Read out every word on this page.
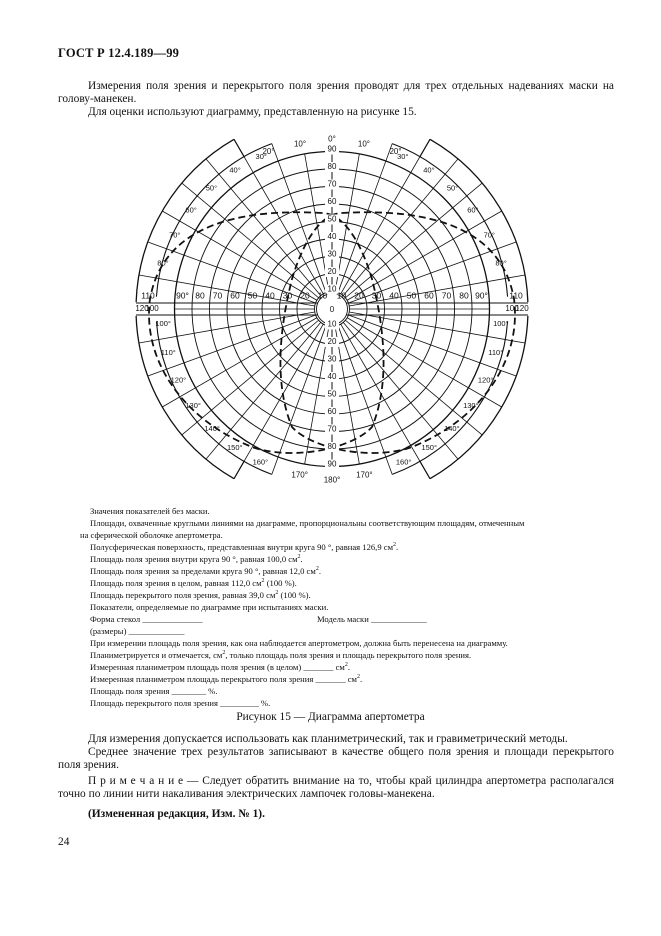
ГОСТ Р 12.4.189—99
Измерения поля зрения и перекрытого поля зрения проводят для трех отдельных надеваниях маски на голову-манекен.
Для оценки используют диаграмму, представленную на рисунке 15.
10
20
30
40
50
60
70
80
90
10
20
30
40
50
60
70
80
90
0
110	90° 80 70 60 50 40 30 20 10 10 20 30 40 50 60 70 80 90°	110
120
100	100
120
0°
10°	10°
20°	20°
30°	30°
40°	40°
50°	50°
60°	60°
70°	70°
80°	80°
100°	100°
110°	110°
120°	120°
130°	130°
140°	140°
150°	150°
160°	160°
170°
180°
170°
Значения показателей без маски.
Площади, охваченные круглыми линиями на диаграмме, пропорциональны соответствующим площадям, отмеченным
на сферической оболочке апертометра.
Полусферическая поверхность, представленная внутри круга 90 °, равная 126,9 $см^2$.
Площадь поля зрения внутри круга 90 °, равная 100,0 $см^2$.
Площадь поля зрения за пределами круга 90 °, равная 12,0 $см^2$.
Площадь поля зрения в целом, равная 112,0 $см^2$ (100 %).
Площадь перекрытого поля зрения, равная 39,0 $см^2$ (100 %).
Показатели, определяемые по диаграмме при испытаниях маски.
Форма стекол ______________	Модель маски _____________
(размеры) _____________
При измерении площадь поля зрения, как она наблюдается апертометром, должна быть перенесена на диаграмму.
Планиметрируется и отмечается, $см^2$, только площадь поля зрения и площадь перекрытого поля зрения.
Измеренная планиметром площадь поля зрения (в целом) _______ $см^2$.
Измеренная планиметром площадь перекрытого поля зрения _______ $см^2$.
Площадь поля зрения ________ %.
Площадь перекрытого поля зрения _________ %.
Рисунок 15 — Диаграмма апертометра
Для измерения допускается использовать как планиметрический, так и гравиметрический методы.
Среднее значение трех результатов записывают в качестве общего поля зрения и площади перекрытого поля зрения.
П р и м е ч а н и е — Следует обратить внимание на то, чтобы край цилиндра апертометра располагался точно по линии нити накаливания электрических лампочек головы-манекена.
(Измененная редакция, Изм. № 1).
24
